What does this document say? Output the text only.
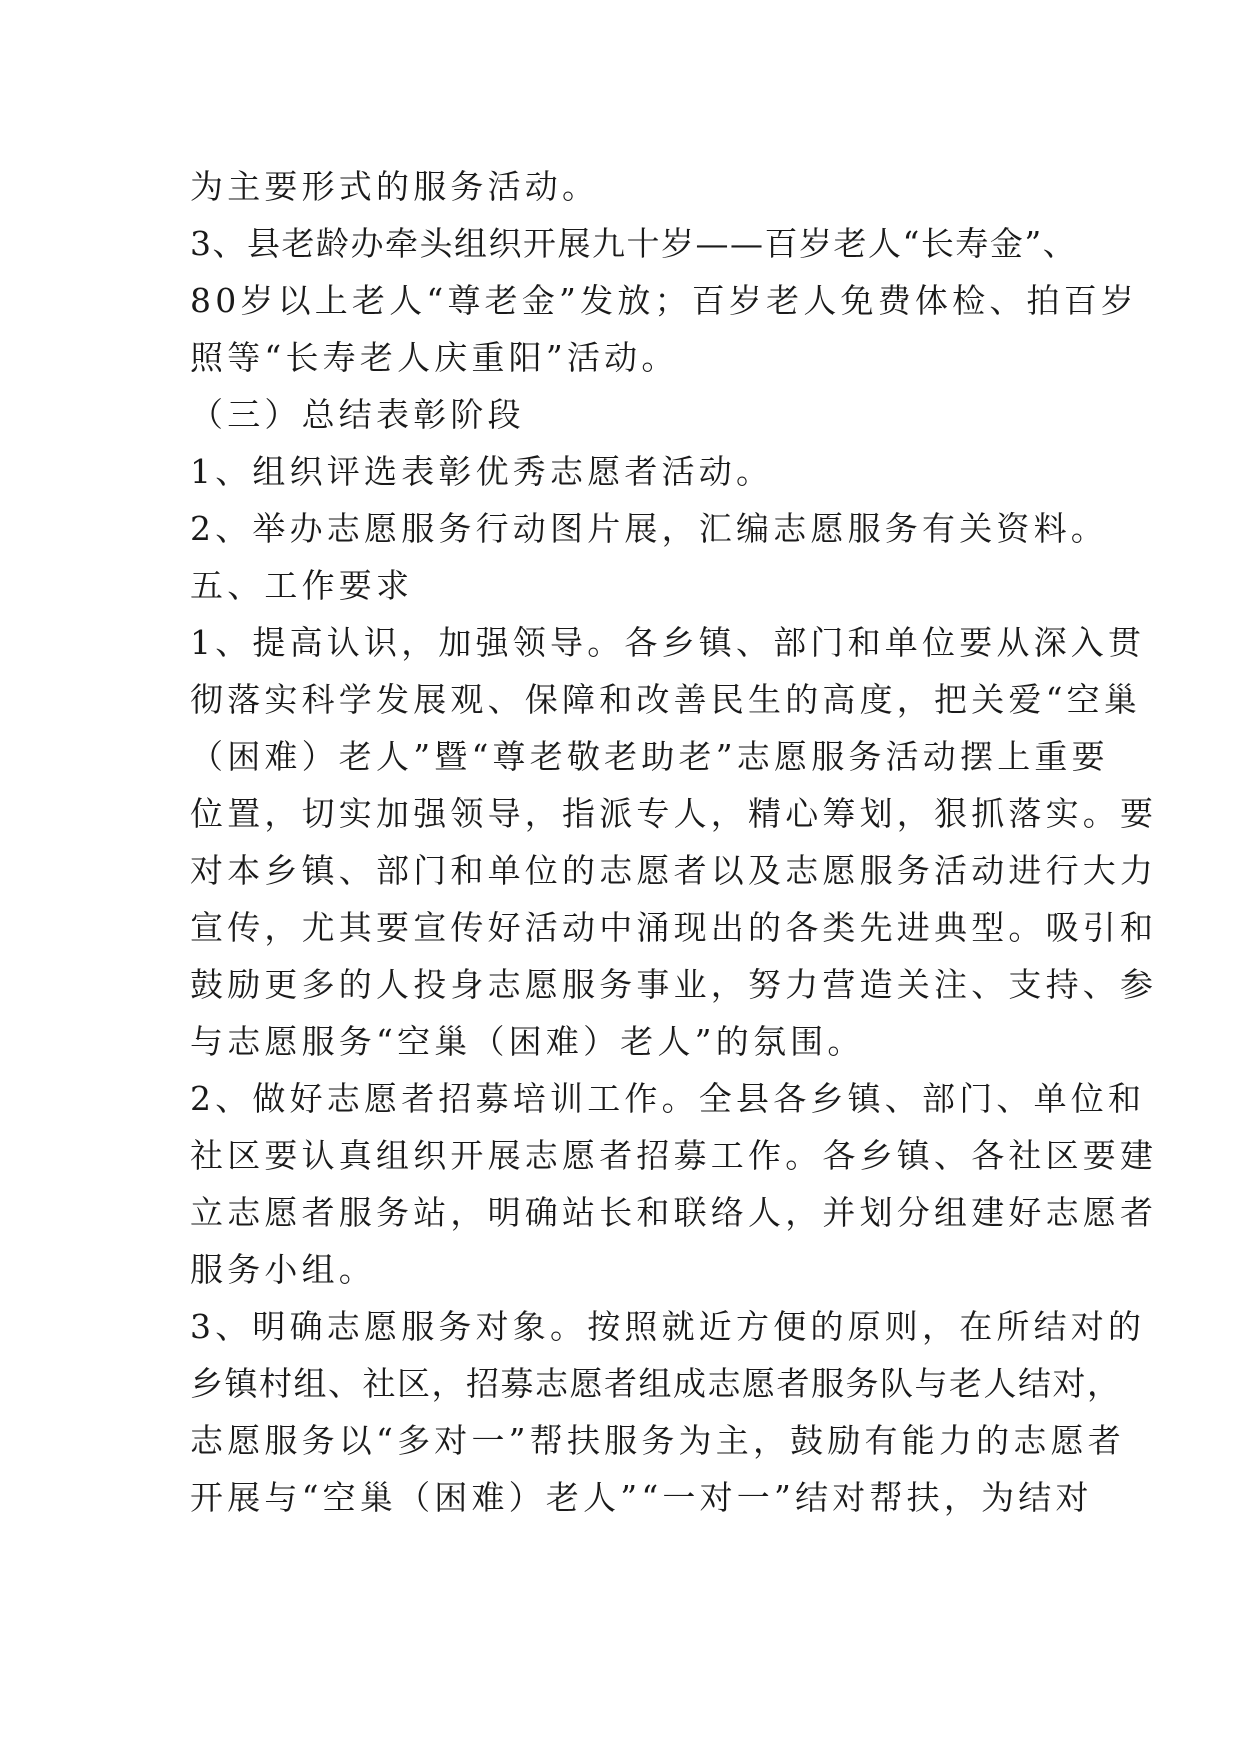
为主要形式的服务活动。
3、县老龄办牵头组织开展九十岁——百岁老人“长寿金”、
80岁以上老人“尊老金”发放；百岁老人免费体检、拍百岁
照等“长寿老人庆重阳”活动。
（三）总结表彰阶段
1、组织评选表彰优秀志愿者活动。
2、举办志愿服务行动图片展，汇编志愿服务有关资料。
五、工作要求
1、提高认识，加强领导。各乡镇、部门和单位要从深入贯
彻落实科学发展观、保障和改善民生的高度，把关爱“空巢
（困难）老人”暨“尊老敬老助老”志愿服务活动摆上重要
位置，切实加强领导，指派专人，精心筹划，狠抓落实。要
对本乡镇、部门和单位的志愿者以及志愿服务活动进行大力
宣传，尤其要宣传好活动中涌现出的各类先进典型。吸引和
鼓励更多的人投身志愿服务事业，努力营造关注、支持、参
与志愿服务“空巢（困难）老人”的氛围。
2、做好志愿者招募培训工作。全县各乡镇、部门、单位和
社区要认真组织开展志愿者招募工作。各乡镇、各社区要建
立志愿者服务站，明确站长和联络人，并划分组建好志愿者
服务小组。
3、明确志愿服务对象。按照就近方便的原则，在所结对的
乡镇村组、社区，招募志愿者组成志愿者服务队与老人结对，
志愿服务以“多对一”帮扶服务为主，鼓励有能力的志愿者
开展与“空巢（困难）老人”“一对一”结对帮扶，为结对
